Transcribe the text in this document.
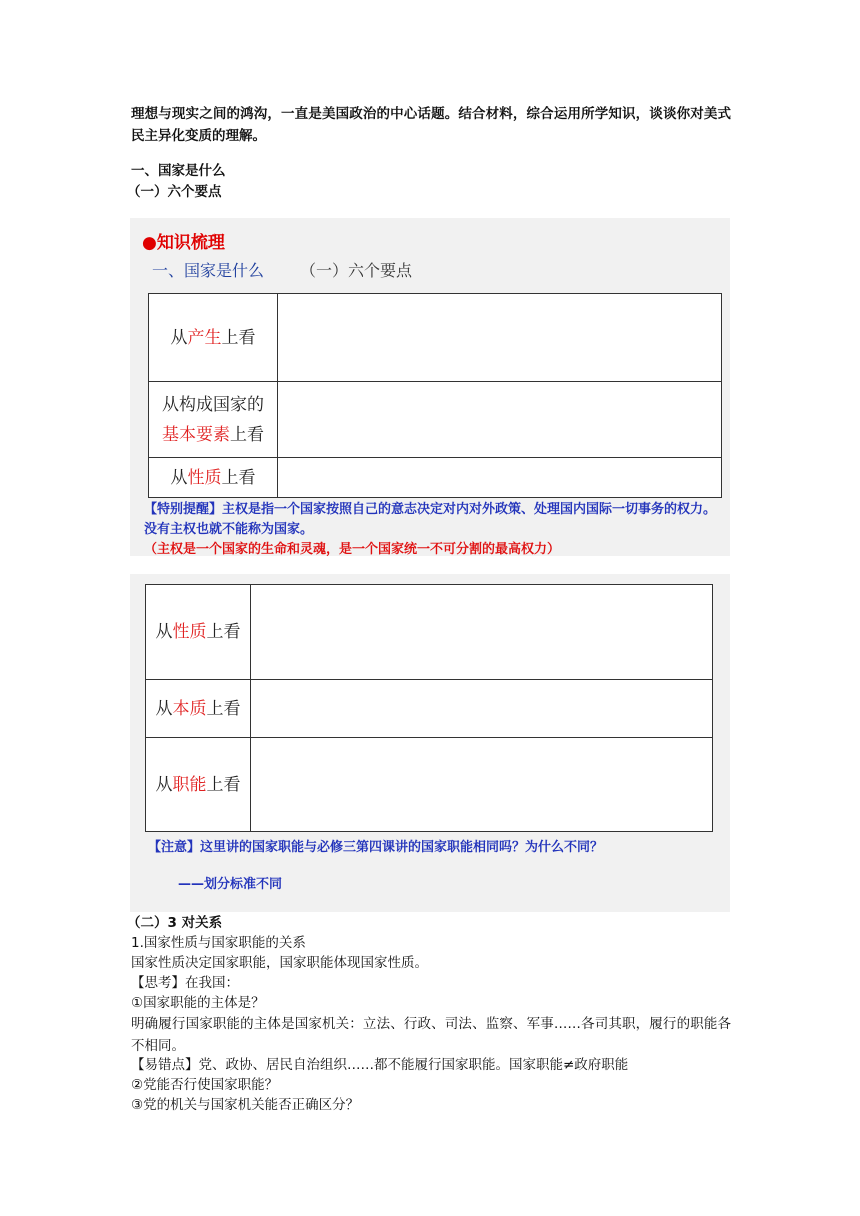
理想与现实之间的鸿沟，一直是美国政治的中心话题。结合材料，综合运用所学知识，谈谈你对美式民主异化变质的理解。
一、国家是什么
（一）六个要点
●知识梳理
一、国家是什么 （一）六个要点
从产生上看	
从构成国家的
基本要素上看	
从性质上看	
【特别提醒】主权是指一个国家按照自己的意志决定对内对外政策、处理国内国际一切事务的权力。没有主权也就不能称为国家。（主权是一个国家的生命和灵魂，是一个国家统一不可分割的最高权力）
从性质上看	
从本质上看	
从职能上看	
【注意】这里讲的国家职能与必修三第四课讲的国家职能相同吗？为什么不同？
——划分标准不同
（二）3 对关系
1.国家性质与国家职能的关系
国家性质决定国家职能，国家职能体现国家性质。
【思考】在我国：
①国家职能的主体是？
明确履行国家职能的主体是国家机关：立法、行政、司法、监察、军事……各司其职，履行的职能各不相同。
【易错点】党、政协、居民自治组织……都不能履行国家职能。国家职能≠政府职能
②党能否行使国家职能？
③党的机关与国家机关能否正确区分？
